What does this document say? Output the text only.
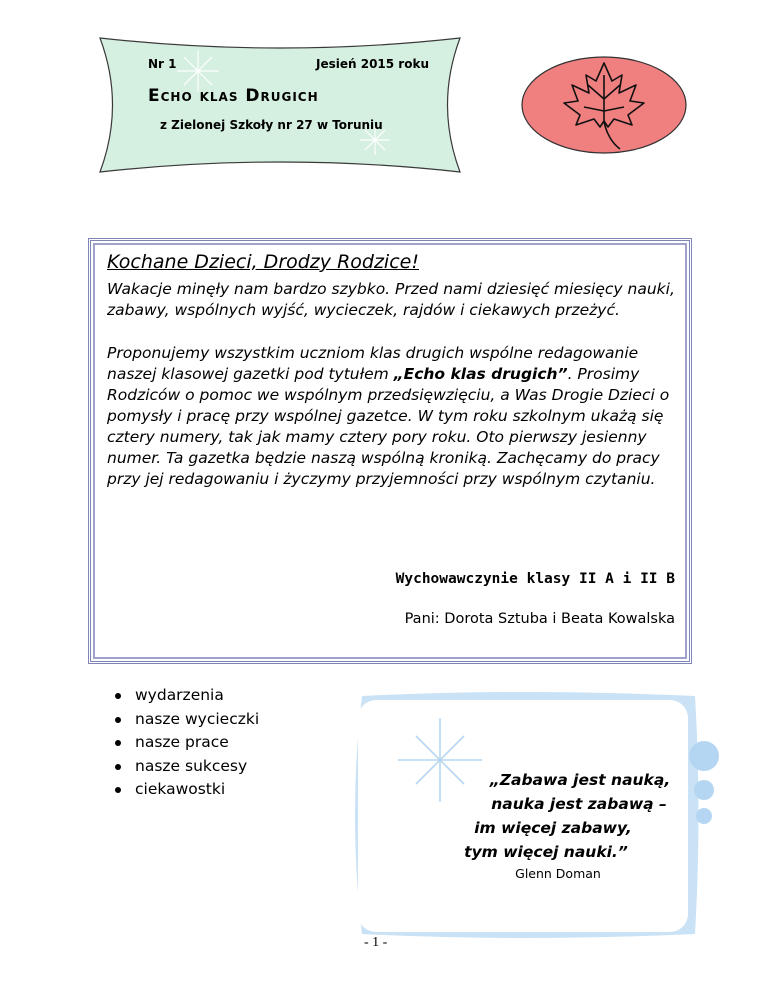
Nr 1	Jesień 2015 roku
Echo klas Drugich
z Zielonej Szkoły nr 27 w Toruniu

Kochane Dzieci, Drodzy Rodzice!

Wakacje minęły nam bardzo szybko. Przed nami dziesięć miesięcy nauki, zabawy, wspólnych wyjść, wycieczek, rajdów i ciekawych przeżyć.

Proponujemy wszystkim uczniom klas drugich wspólne redagowanie naszej klasowej gazetki pod tytułem „Echo klas drugich”. Prosimy Rodziców o pomoc we wspólnym przedsięwzięciu, a Was Drogie Dzieci o pomysły i pracę przy wspólnej gazetce. W tym roku szkolnym ukażą się cztery numery, tak jak mamy cztery pory roku. Oto pierwszy jesienny numer. Ta gazetka będzie naszą wspólną kroniką. Zachęcamy do pracy przy jej redagowaniu i życzymy przyjemności przy wspólnym czytaniu.

Wychowawczynie klasy II A i II B
Pani: Dorota Sztuba i Beata Kowalska
wydarzenia
nasze wycieczki
nasze prace
nasze sukcesy
ciekawostki	„Zabawa jest nauką,
nauka jest zabawą –
im więcej zabawy,
tym więcej nauki.”
Glenn Doman
- 1 -
